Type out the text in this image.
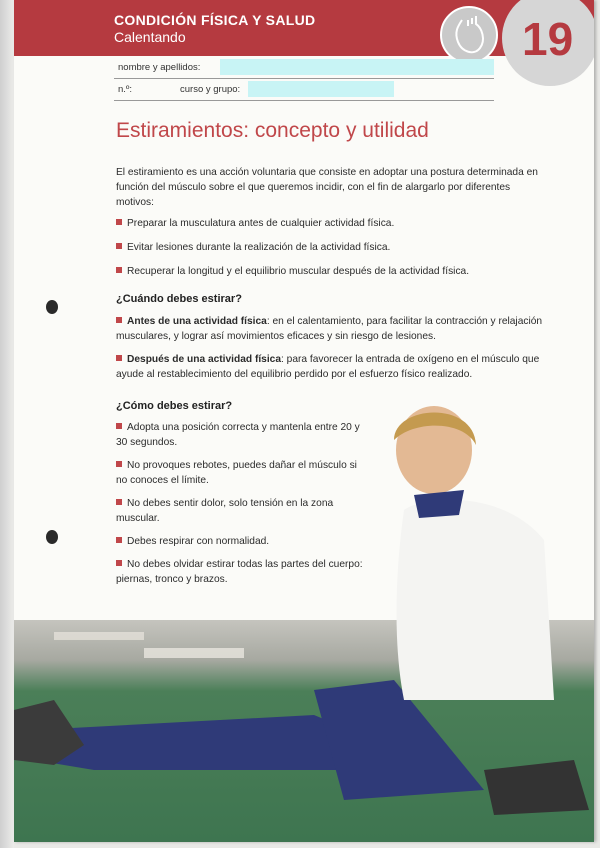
CONDICIÓN FÍSICA Y SALUD
Calentando	19
nombre y apellidos:
n.º:	curso y grupo:
Estiramientos: concepto y utilidad
El estiramiento es una acción voluntaria que consiste en adoptar una postura determinada en función del músculo sobre el que queremos incidir, con el fin de alargarlo por diferentes motivos:
Preparar la musculatura antes de cualquier actividad física.
Evitar lesiones durante la realización de la actividad física.
Recuperar la longitud y el equilibrio muscular después de la actividad física.
¿Cuándo debes estirar?
Antes de una actividad física: en el calentamiento, para facilitar la contracción y relajación musculares, y lograr así movimientos eficaces y sin riesgo de lesiones.
Después de una actividad física: para favorecer la entrada de oxígeno en el músculo que ayude al restablecimiento del equilibrio perdido por el esfuerzo físico realizado.
¿Cómo debes estirar?
Adopta una posición correcta y mantenla entre 20 y 30 segundos.
No provoques rebotes, puedes dañar el músculo si no conoces el límite.
No debes sentir dolor, solo tensión en la zona muscular.
Debes respirar con normalidad.
No debes olvidar estirar todas las partes del cuerpo: piernas, tronco y brazos.
